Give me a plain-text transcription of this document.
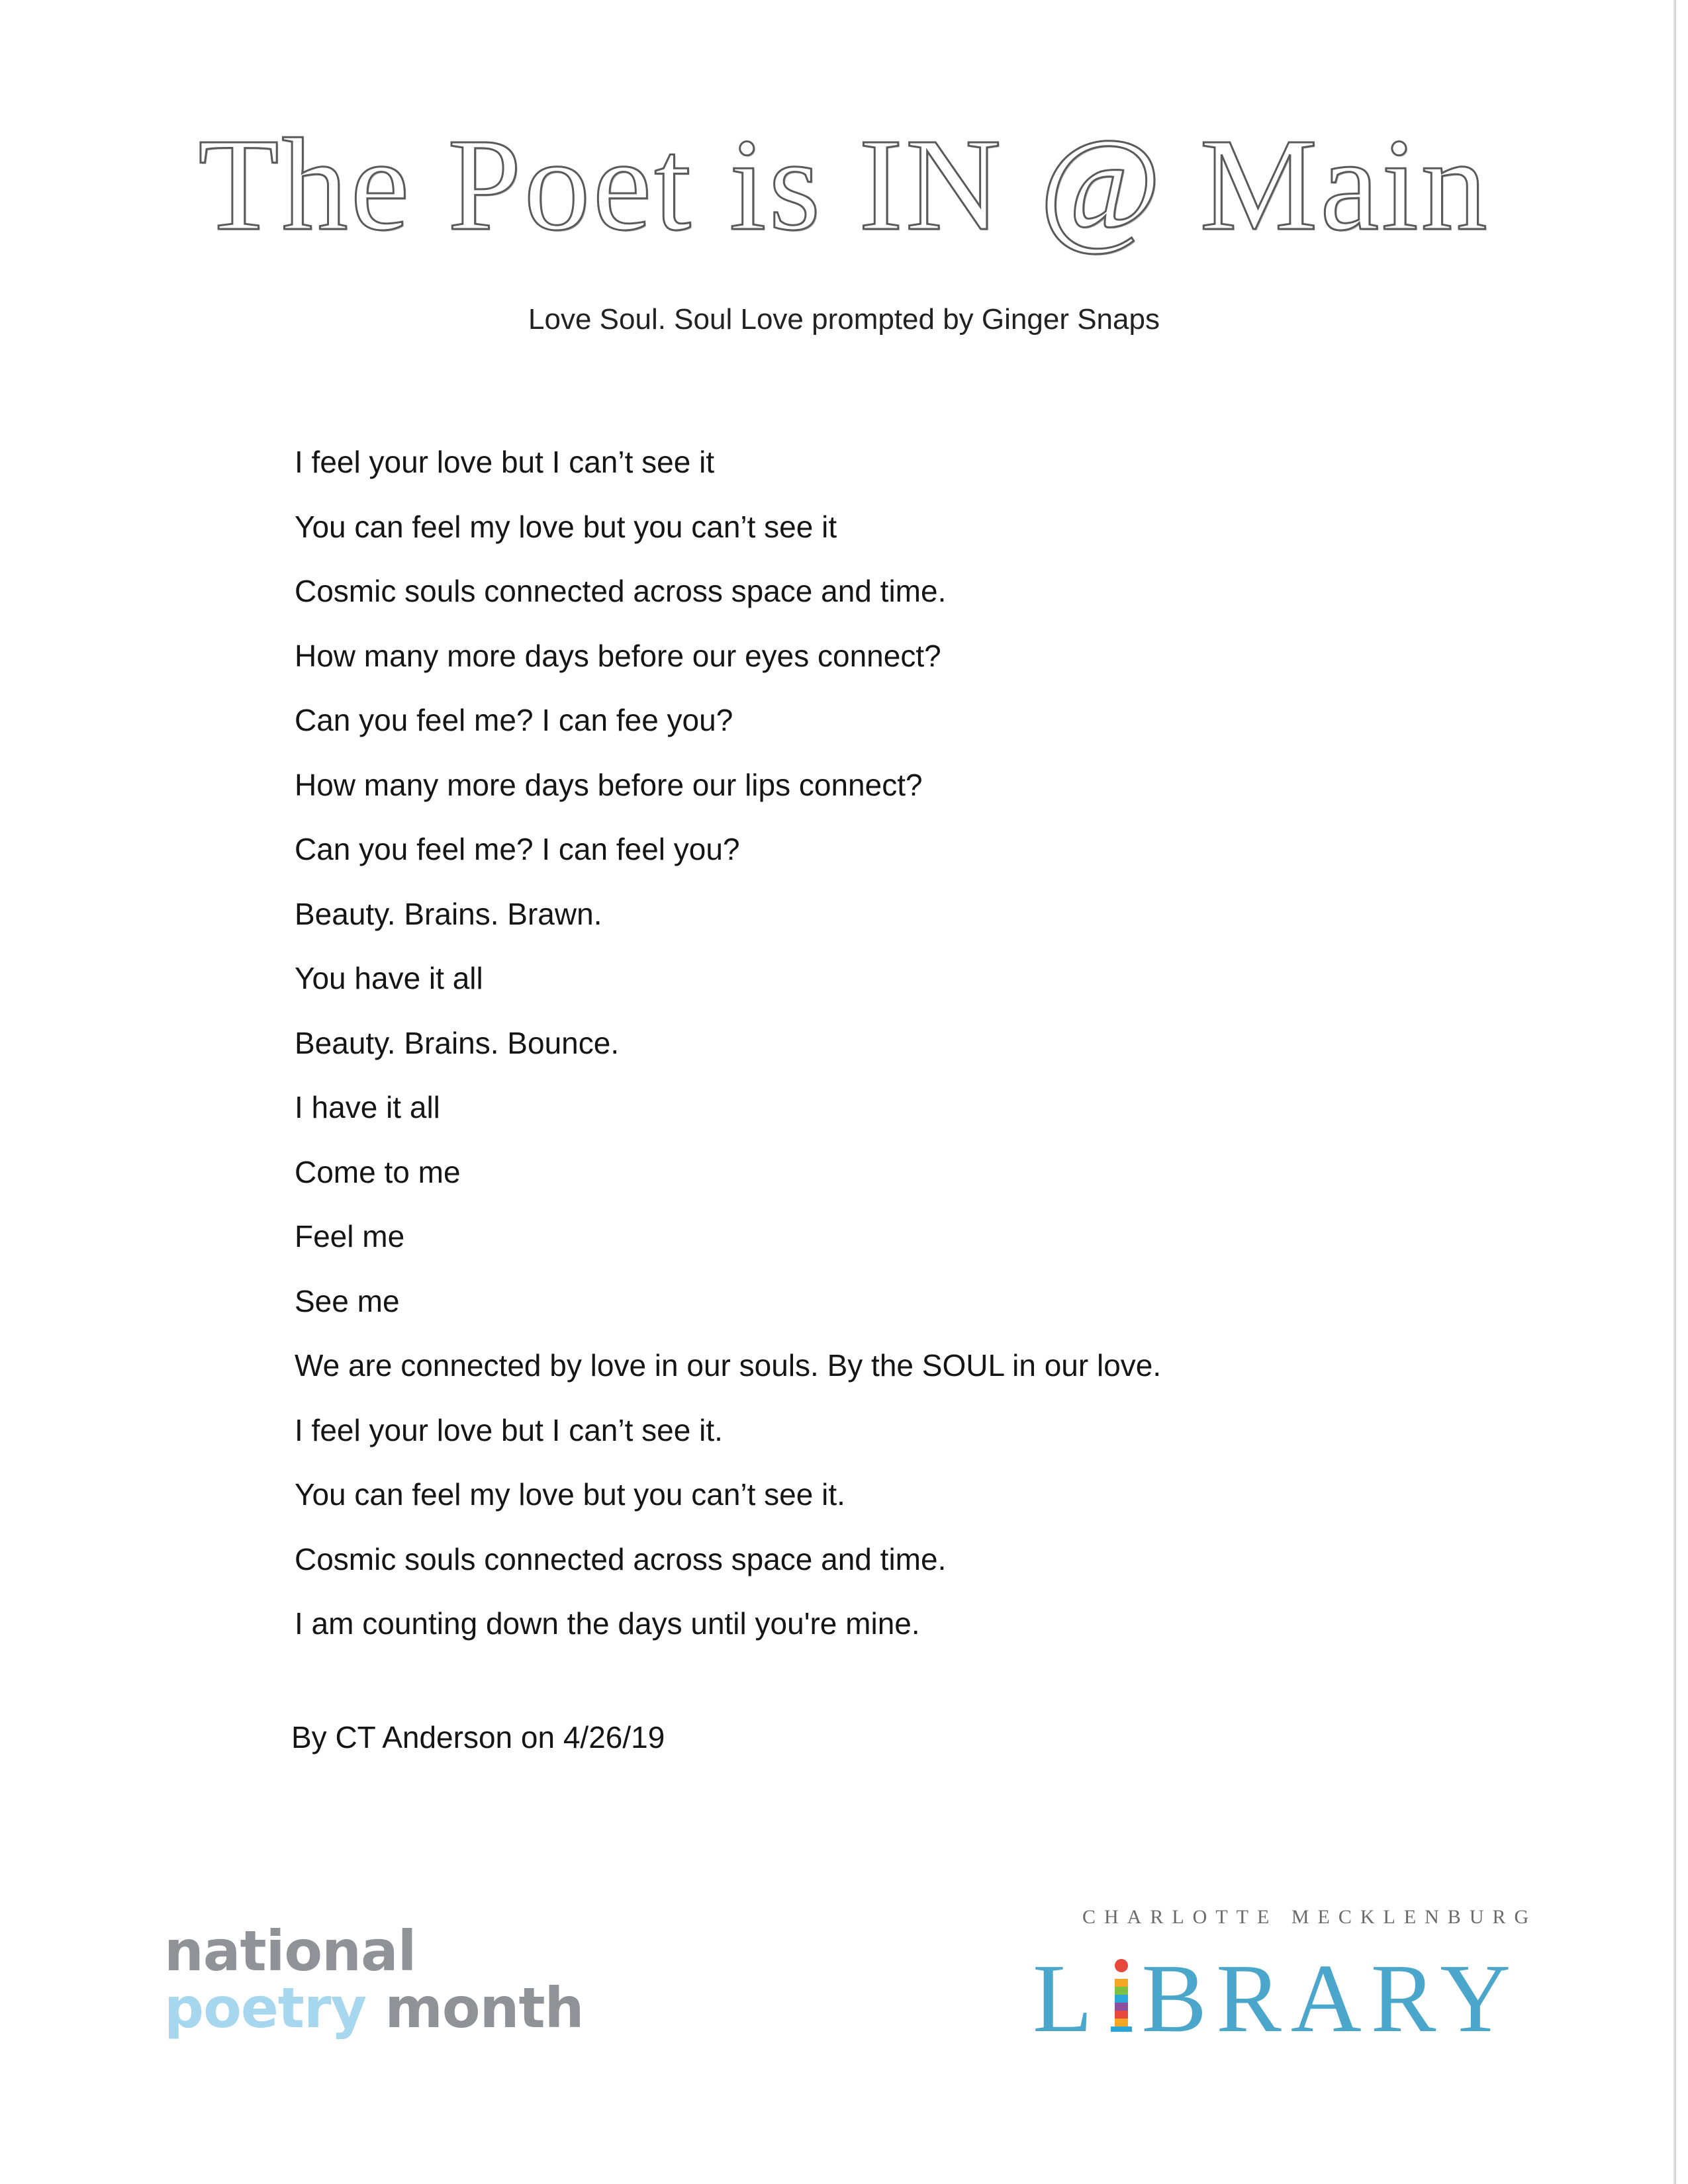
The Poet is IN @ Main
Love Soul. Soul Love prompted by Ginger Snaps
I feel your love but I can’t see it
You can feel my love but you can’t see it
Cosmic souls connected across space and time.
How many more days before our eyes connect?
Can you feel me? I can fee you?
How many more days before our lips connect?
Can you feel me? I can feel you?
Beauty. Brains. Brawn.
You have it all
Beauty. Brains. Bounce.
I have it all
Come to me
Feel me
See me
We are connected by love in our souls. By the SOUL in our love.
I feel your love but I can’t see it.
You can feel my love but you can’t see it.
Cosmic souls connected across space and time.
I am counting down the days until you're mine.
By CT Anderson on 4/26/19
national
poetry month
CHARLOTTE MECKLENBURG
L BRARY
